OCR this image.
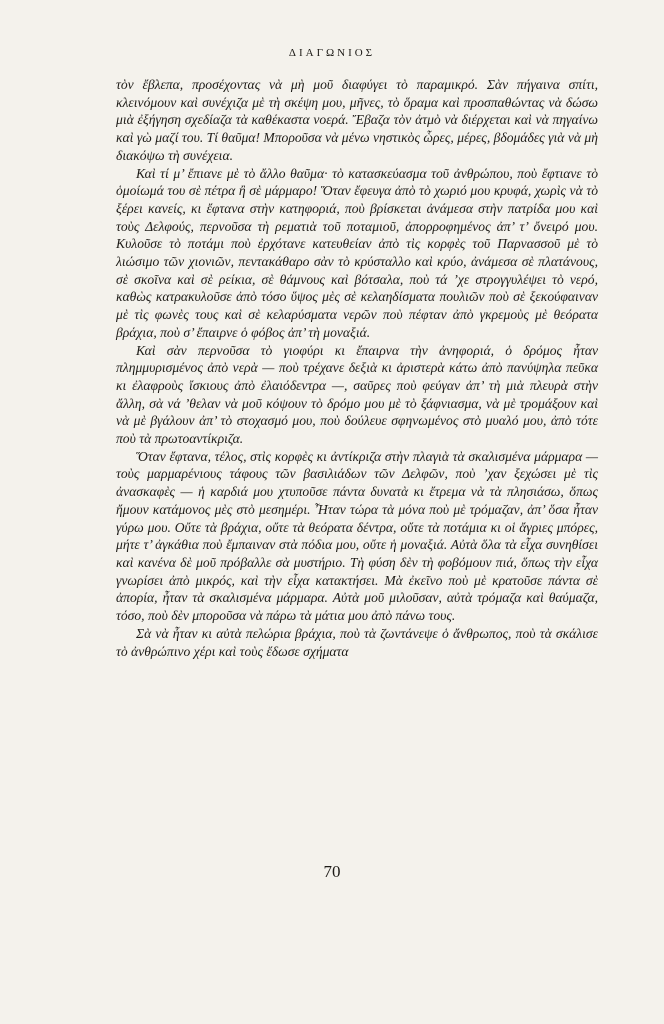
ΔΙΑΓΩΝΙΟΣ

τὸν ἔβλεπα, προσέχοντας νὰ μὴ μοῦ διαφύγει τὸ παραμικρό. Σὰν πήγαινα σπίτι, κλεινόμουν καὶ συνέχιζα μὲ τὴ σκέψη μου, μῆνες, τὸ ὅραμα καὶ προσπαθώντας νὰ δώσω μιὰ ἐξήγηση σχεδίαζα τὰ καθέκαστα νοερά. Ἔβαζα τὸν ἀτμὸ νὰ διέρχεται καὶ νὰ πηγαίνω καὶ γὼ μαζί του. Τί θαῦμα! Μποροῦσα νὰ μένω νηστικὸς ὧρες, μέρες, βδομάδες γιὰ νὰ μὴ διακόψω τὴ συνέχεια.

Καὶ τί μ’ ἔπιανε μὲ τὸ ἄλλο θαῦμα· τὸ κατασκεύασμα τοῦ ἀνθρώπου, ποὺ ἔφτιανε τὸ ὁμοίωμά του σὲ πέτρα ἢ σὲ μάρμαρο! Ὅταν ἔφευγα ἀπὸ τὸ χωριό μου κρυφά, χωρὶς νὰ τὸ ξέρει κανείς, κι ἔφτανα στὴν κατηφοριά, ποὺ βρίσκεται ἀνάμεσα στὴν πατρίδα μου καὶ τοὺς Δελφούς, περνοῦσα τὴ ρεματιὰ τοῦ ποταμιοῦ, ἀπορροφημένος ἀπ’ τ’ ὄνειρό μου. Κυλοῦσε τὸ ποτάμι ποὺ ἐρχότανε κατευθείαν ἀπὸ τὶς κορφὲς τοῦ Παρνασσοῦ μὲ τὸ λιώσιμο τῶν χιονιῶν, πεντακάθαρο σὰν τὸ κρύσταλλο καὶ κρύο, ἀνάμεσα σὲ πλατάνους, σὲ σκοῖνα καὶ σὲ ρείκια, σὲ θάμνους καὶ βότσαλα, ποὺ τά ’χε στρογγυλέψει τὸ νερό, καθὼς κατρακυλοῦσε ἀπὸ τόσο ὕψος μὲς σὲ κελαηδίσματα πουλιῶν ποὺ σὲ ξεκούφαιναν μὲ τὶς φωνὲς τους καὶ σὲ κελαρύσματα νερῶν ποὺ πέφταν ἀπὸ γκρεμοὺς μὲ θεόρατα βράχια, ποὺ σ’ ἔπαιρνε ὁ φόβος ἀπ’ τὴ μοναξιά.

Καὶ σὰν περνοῦσα τὸ γιοφύρι κι ἔπαιρνα τὴν ἀνηφοριά, ὁ δρόμος ἦταν πλημμυρισμένος ἀπὸ νερὰ — ποὺ τρέχανε δεξιὰ κι ἀριστερὰ κάτω ἀπὸ πανύψηλα πεῦκα κι ἐλαφροὺς ἴσκιους ἀπὸ ἐλαιόδεντρα —, σαῦρες ποὺ φεύγαν ἀπ’ τὴ μιὰ πλευρὰ στὴν ἄλλη, σὰ νά ’θελαν νὰ μοῦ κόψουν τὸ δρόμο μου μὲ τὸ ξάφνιασμα, νὰ μὲ τρομάξουν καὶ νὰ μὲ βγάλουν ἀπ’ τὸ στοχασμό μου, ποὺ δούλευε σφηνωμένος στὸ μυαλό μου, ἀπὸ τότε ποὺ τὰ πρωτοαντίκριζα.

Ὅταν ἔφτανα, τέλος, στὶς κορφὲς κι ἀντίκριζα στὴν πλαγιὰ τὰ σκαλισμένα μάρμαρα — τοὺς μαρμαρένιους τάφους τῶν βασιλιάδων τῶν Δελφῶν, ποὺ ’χαν ξεχώσει μὲ τὶς ἀνασκαφὲς — ἡ καρδιά μου χτυποῦσε πάντα δυνατὰ κι ἔτρεμα νὰ τὰ πλησιάσω, ὅπως ἤμουν κατάμονος μὲς στὸ μεσημέρι. Ἦταν τώρα τὰ μόνα ποὺ μὲ τρόμαζαν, ἀπ’ ὅσα ἦταν γύρω μου. Οὔτε τὰ βράχια, οὔτε τὰ θεόρατα δέντρα, οὔτε τὰ ποτάμια κι οἱ ἄγριες μπόρες, μήτε τ’ ἀγκάθια ποὺ ἔμπαιναν στὰ πόδια μου, οὔτε ἡ μοναξιά. Αὐτὰ ὅλα τὰ εἶχα συνηθίσει καὶ κανένα δὲ μοῦ πρόβαλλε σὰ μυστήριο. Τὴ φύση δὲν τὴ φοβόμουν πιά, ὅπως τὴν εἶχα γνωρίσει ἀπὸ μικρός, καὶ τὴν εἶχα κατακτήσει. Μὰ ἐκεῖνο ποὺ μὲ κρατοῦσε πάντα σὲ ἀπορία, ἦταν τὰ σκαλισμένα μάρμαρα. Αὐτὰ μοῦ μιλοῦσαν, αὐτὰ τρόμαζα καὶ θαύμαζα, τόσο, ποὺ δὲν μποροῦσα νὰ πάρω τὰ μάτια μου ἀπὸ πάνω τους.

Σὰ νὰ ἦταν κι αὐτὰ πελώρια βράχια, ποὺ τὰ ζωντάνεψε ὁ ἄνθρωπος, ποὺ τὰ σκάλισε τὸ ἀνθρώπινο χέρι καὶ τοὺς ἔδωσε σχήματα

70
